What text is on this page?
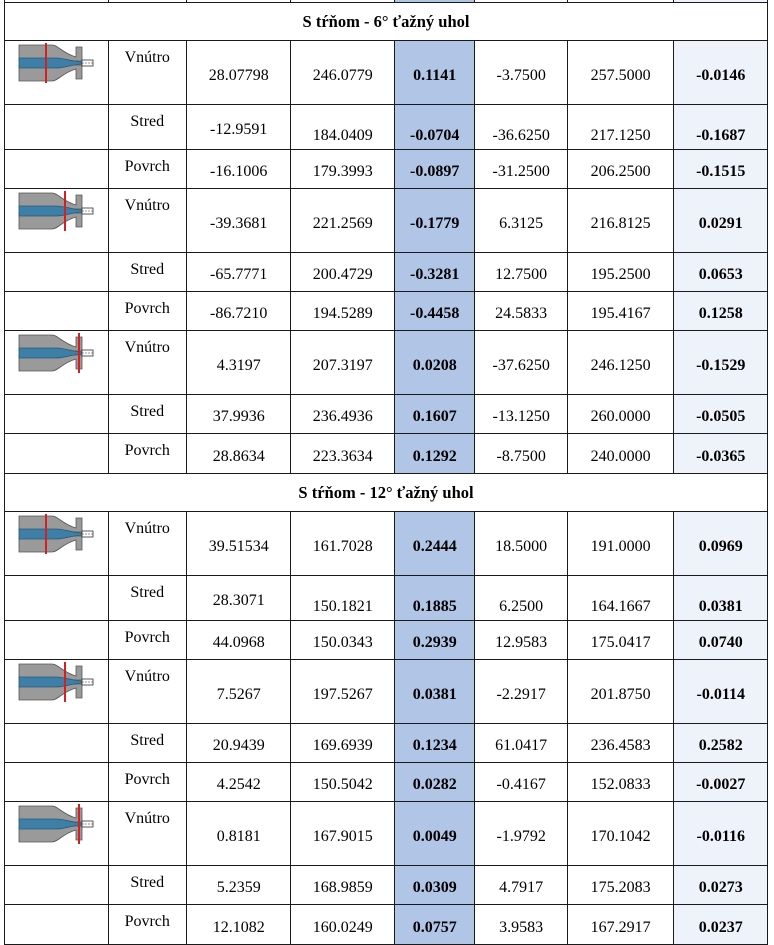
S tŕňom - 6° ťažný uhol							

	Vnútro	28.07798	246.0779	0.1141	-3.7500	257.5000	-0.0146
	Stred	-12.9591	184.0409	-0.0704	-36.6250	217.1250	-0.1687
	Povrch	-16.1006	179.3993	-0.0897	-31.2500	206.2500	-0.1515

	Vnútro	-39.3681	221.2569	-0.1779	6.3125	216.8125	0.0291
	Stred	-65.7771	200.4729	-0.3281	12.7500	195.2500	0.0653
	Povrch	-86.7210	194.5289	-0.4458	24.5833	195.4167	0.1258

	Vnútro	4.3197	207.3197	0.0208	-37.6250	246.1250	-0.1529
	Stred	37.9936	236.4936	0.1607	-13.1250	260.0000	-0.0505
	Povrch	28.8634	223.3634	0.1292	-8.7500	240.0000	-0.0365
S tŕňom - 12° ťažný uhol							

	Vnútro	39.51534	161.7028	0.2444	18.5000	191.0000	0.0969
	Stred	28.3071	150.1821	0.1885	6.2500	164.1667	0.0381
	Povrch	44.0968	150.0343	0.2939	12.9583	175.0417	0.0740

	Vnútro	7.5267	197.5267	0.0381	-2.2917	201.8750	-0.0114
	Stred	20.9439	169.6939	0.1234	61.0417	236.4583	0.2582
	Povrch	4.2542	150.5042	0.0282	-0.4167	152.0833	-0.0027

	Vnútro	0.8181	167.9015	0.0049	-1.9792	170.1042	-0.0116
	Stred	5.2359	168.9859	0.0309	4.7917	175.2083	0.0273
	Povrch	12.1082	160.0249	0.0757	3.9583	167.2917	0.0237
